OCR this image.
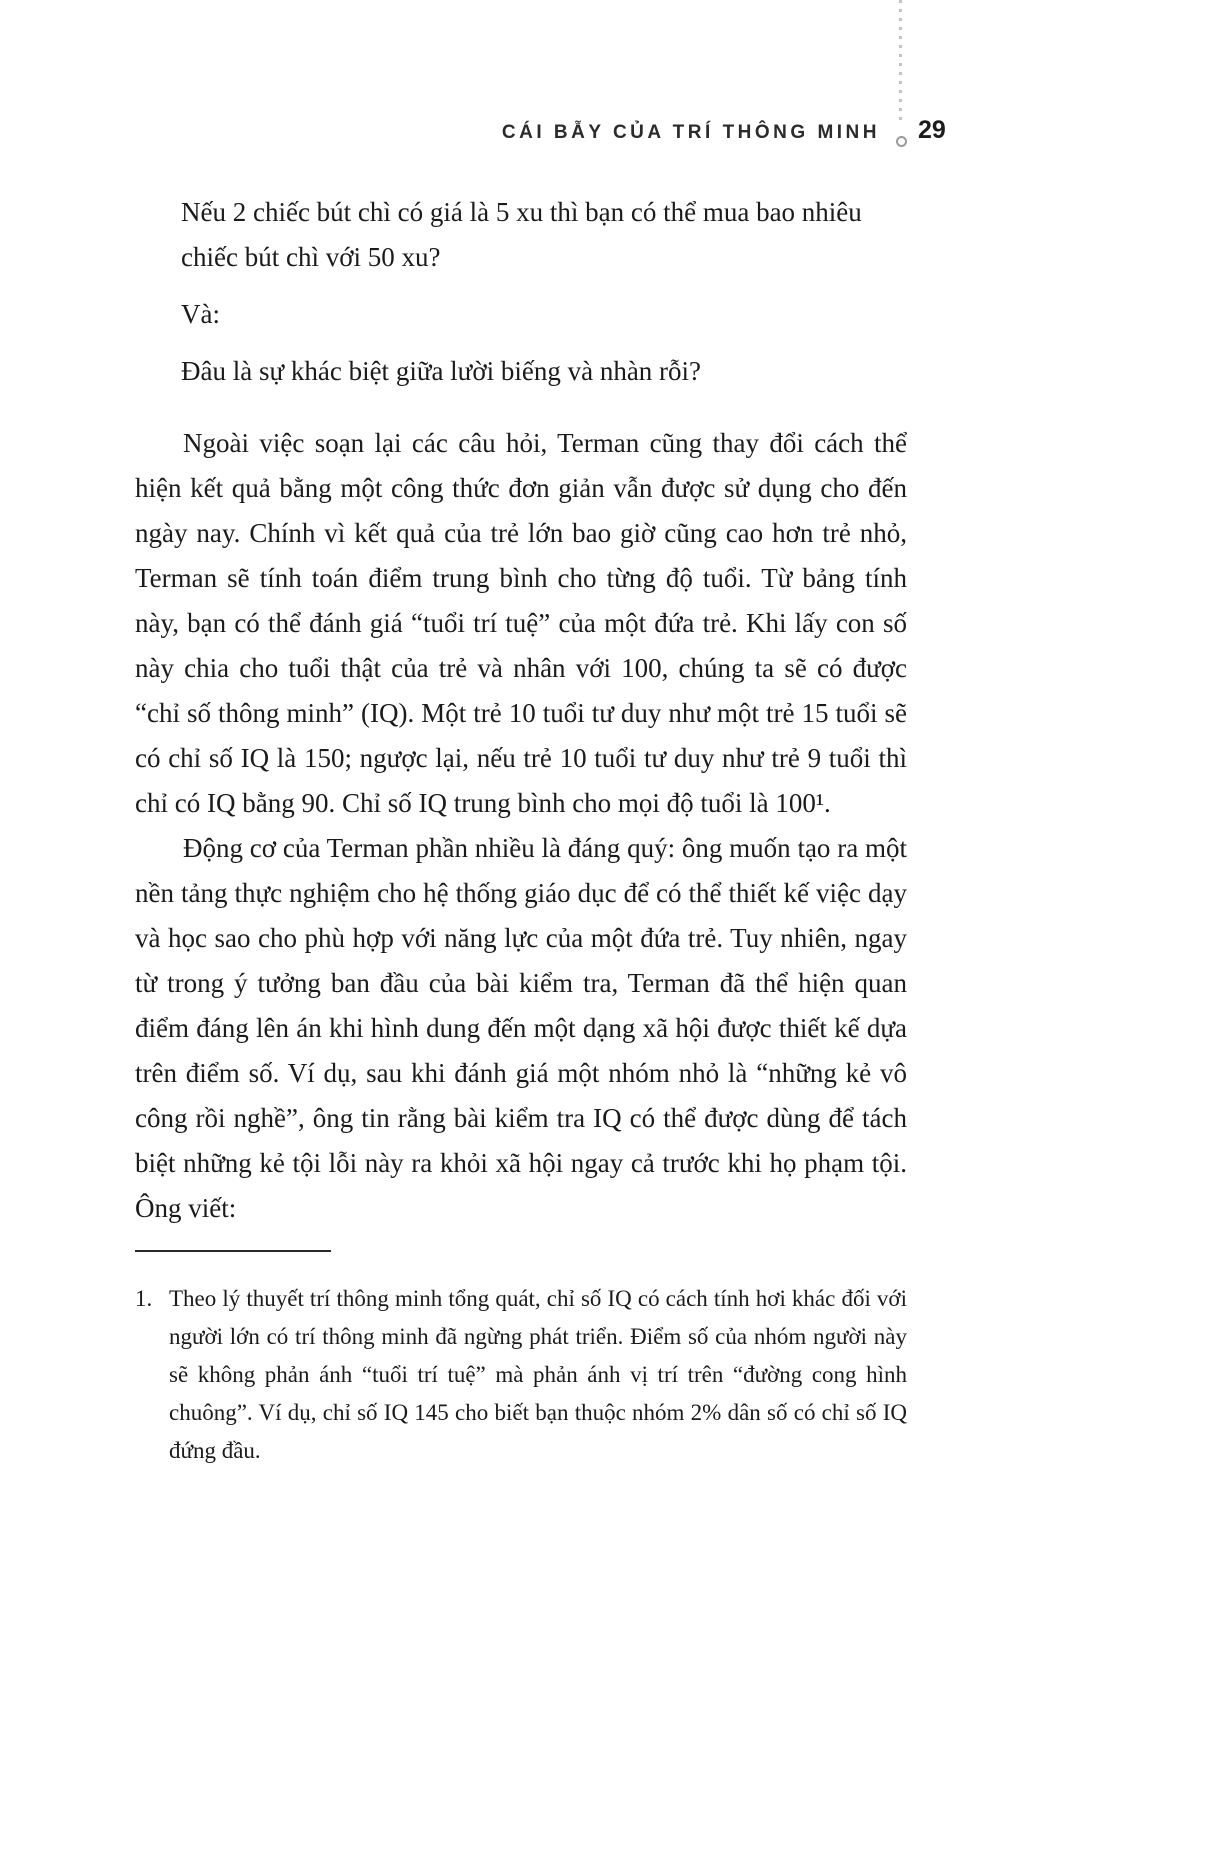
CÁI BẪY CỦA TRÍ THÔNG MINH 29

Nếu 2 chiếc bút chì có giá là 5 xu thì bạn có thể mua bao nhiêu chiếc bút chì với 50 xu?

Và:

Đâu là sự khác biệt giữa lười biếng và nhàn rỗi?

Ngoài việc soạn lại các câu hỏi, Terman cũng thay đổi cách thể hiện kết quả bằng một công thức đơn giản vẫn được sử dụng cho đến ngày nay. Chính vì kết quả của trẻ lớn bao giờ cũng cao hơn trẻ nhỏ, Terman sẽ tính toán điểm trung bình cho từng độ tuổi. Từ bảng tính này, bạn có thể đánh giá “tuổi trí tuệ” của một đứa trẻ. Khi lấy con số này chia cho tuổi thật của trẻ và nhân với 100, chúng ta sẽ có được “chỉ số thông minh” (IQ). Một trẻ 10 tuổi tư duy như một trẻ 15 tuổi sẽ có chỉ số IQ là 150; ngược lại, nếu trẻ 10 tuổi tư duy như trẻ 9 tuổi thì chỉ có IQ bằng 90. Chỉ số IQ trung bình cho mọi độ tuổi là 100¹.

Động cơ của Terman phần nhiều là đáng quý: ông muốn tạo ra một nền tảng thực nghiệm cho hệ thống giáo dục để có thể thiết kế việc dạy và học sao cho phù hợp với năng lực của một đứa trẻ. Tuy nhiên, ngay từ trong ý tưởng ban đầu của bài kiểm tra, Terman đã thể hiện quan điểm đáng lên án khi hình dung đến một dạng xã hội được thiết kế dựa trên điểm số. Ví dụ, sau khi đánh giá một nhóm nhỏ là “những kẻ vô công rồi nghề”, ông tin rằng bài kiểm tra IQ có thể được dùng để tách biệt những kẻ tội lỗi này ra khỏi xã hội ngay cả trước khi họ phạm tội. Ông viết:

1. Theo lý thuyết trí thông minh tổng quát, chỉ số IQ có cách tính hơi khác đối với người lớn có trí thông minh đã ngừng phát triển. Điểm số của nhóm người này sẽ không phản ánh “tuổi trí tuệ” mà phản ánh vị trí trên “đường cong hình chuông”. Ví dụ, chỉ số IQ 145 cho biết bạn thuộc nhóm 2% dân số có chỉ số IQ đứng đầu.
